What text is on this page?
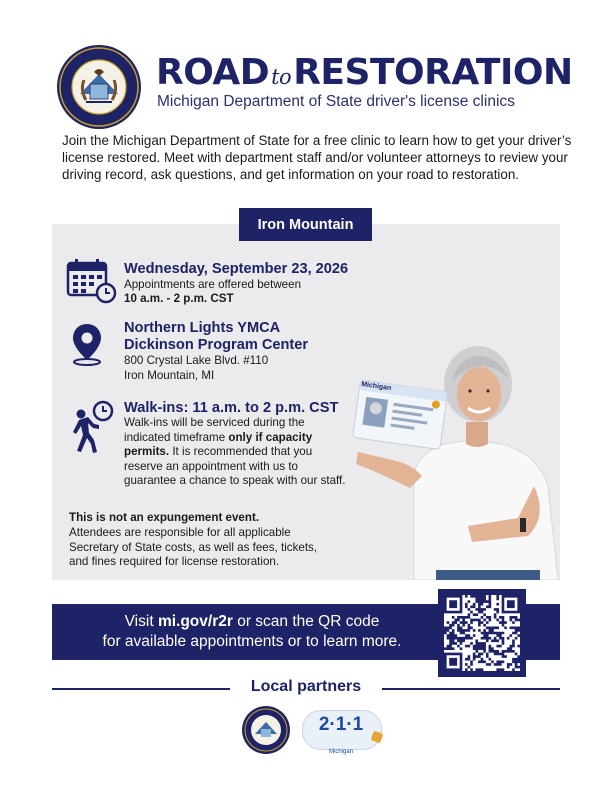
ROADtoRESTORATION
Michigan Department of State driver's license clinics
Join the Michigan Department of State for a free clinic to learn how to get your driver’s license restored. Meet with department staff and/or volunteer attorneys to review your driving record, ask questions, and get information on your road to restoration.
Iron Mountain
Wednesday, September 23, 2026
Appointments are offered between
10 a.m. - 2 p.m. CST
Northern Lights YMCA
Dickinson Program Center
800 Crystal Lake Blvd. #110
Iron Mountain, MI
Walk-ins: 11 a.m. to 2 p.m. CST
Walk-ins will be serviced during the indicated timeframe only if capacity permits. It is recommended that you reserve an appointment with us to guarantee a chance to speak with our staff.
This is not an expungement event.
Attendees are responsible for all applicable Secretary of State costs, as well as fees, tickets, and fines required for license restoration.
Michigan
Visit mi.gov/r2r or scan the QR code
for available appointments or to learn more.
Local partners
2·1·1
Michigan
